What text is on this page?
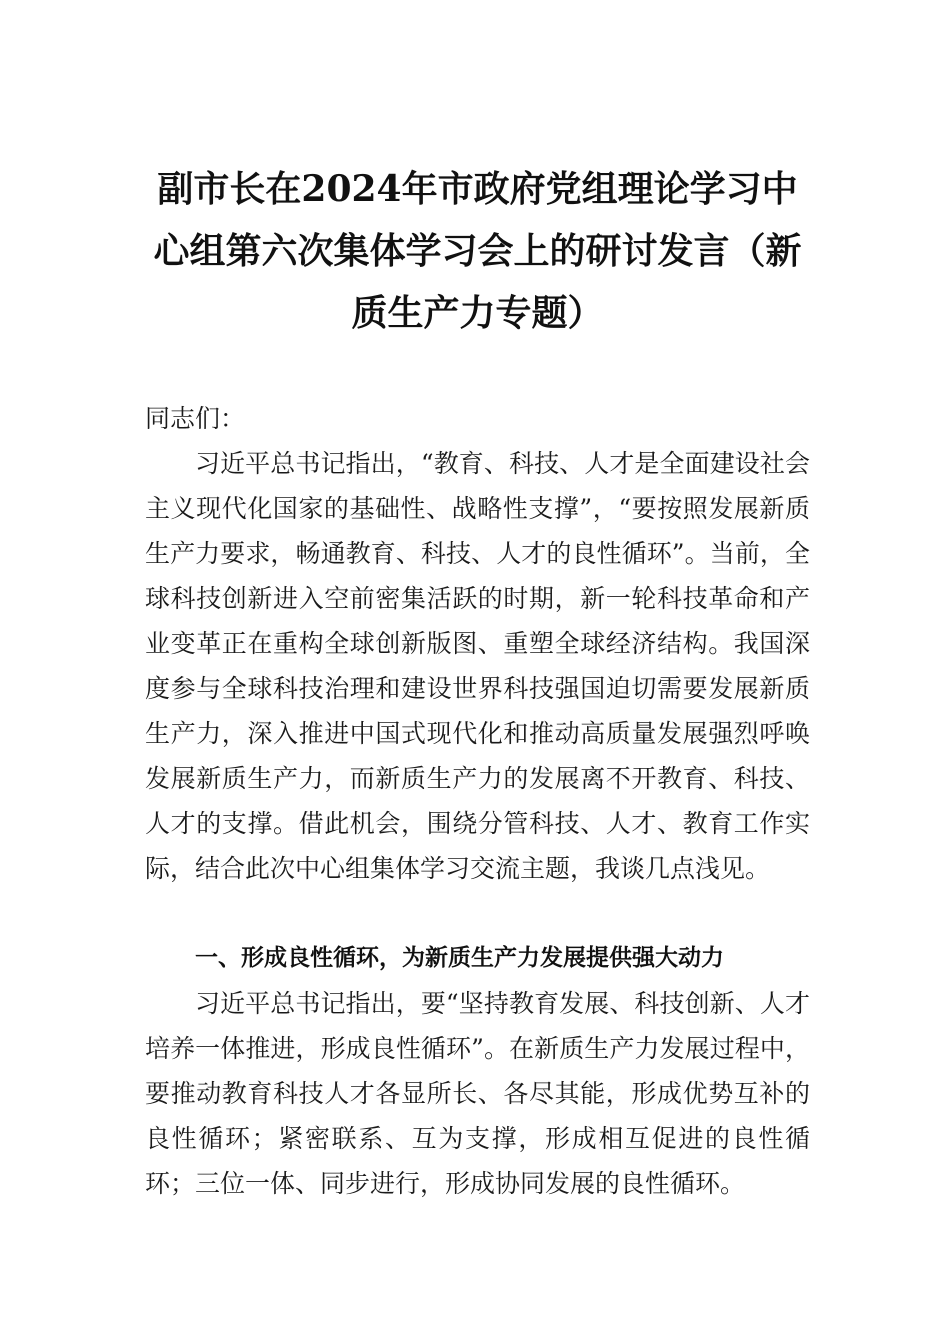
副市长在2024年市政府党组理论学习中心组第六次集体学习会上的研讨发言（新质生产力专题）

同志们：

习近平总书记指出，“教育、科技、人才是全面建设社会主义现代化国家的基础性、战略性支撑”，“要按照发展新质生产力要求，畅通教育、科技、人才的良性循环”。当前，全球科技创新进入空前密集活跃的时期，新一轮科技革命和产业变革正在重构全球创新版图、重塑全球经济结构。我国深度参与全球科技治理和建设世界科技强国迫切需要发展新质生产力，深入推进中国式现代化和推动高质量发展强烈呼唤发展新质生产力，而新质生产力的发展离不开教育、科技、人才的支撑。借此机会，围绕分管科技、人才、教育工作实际，结合此次中心组集体学习交流主题，我谈几点浅见。

一、形成良性循环，为新质生产力发展提供强大动力

习近平总书记指出，要“坚持教育发展、科技创新、人才培养一体推进，形成良性循环”。在新质生产力发展过程中，要推动教育科技人才各显所长、各尽其能，形成优势互补的良性循环；紧密联系、互为支撑，形成相互促进的良性循环；三位一体、同步进行，形成协同发展的良性循环。
